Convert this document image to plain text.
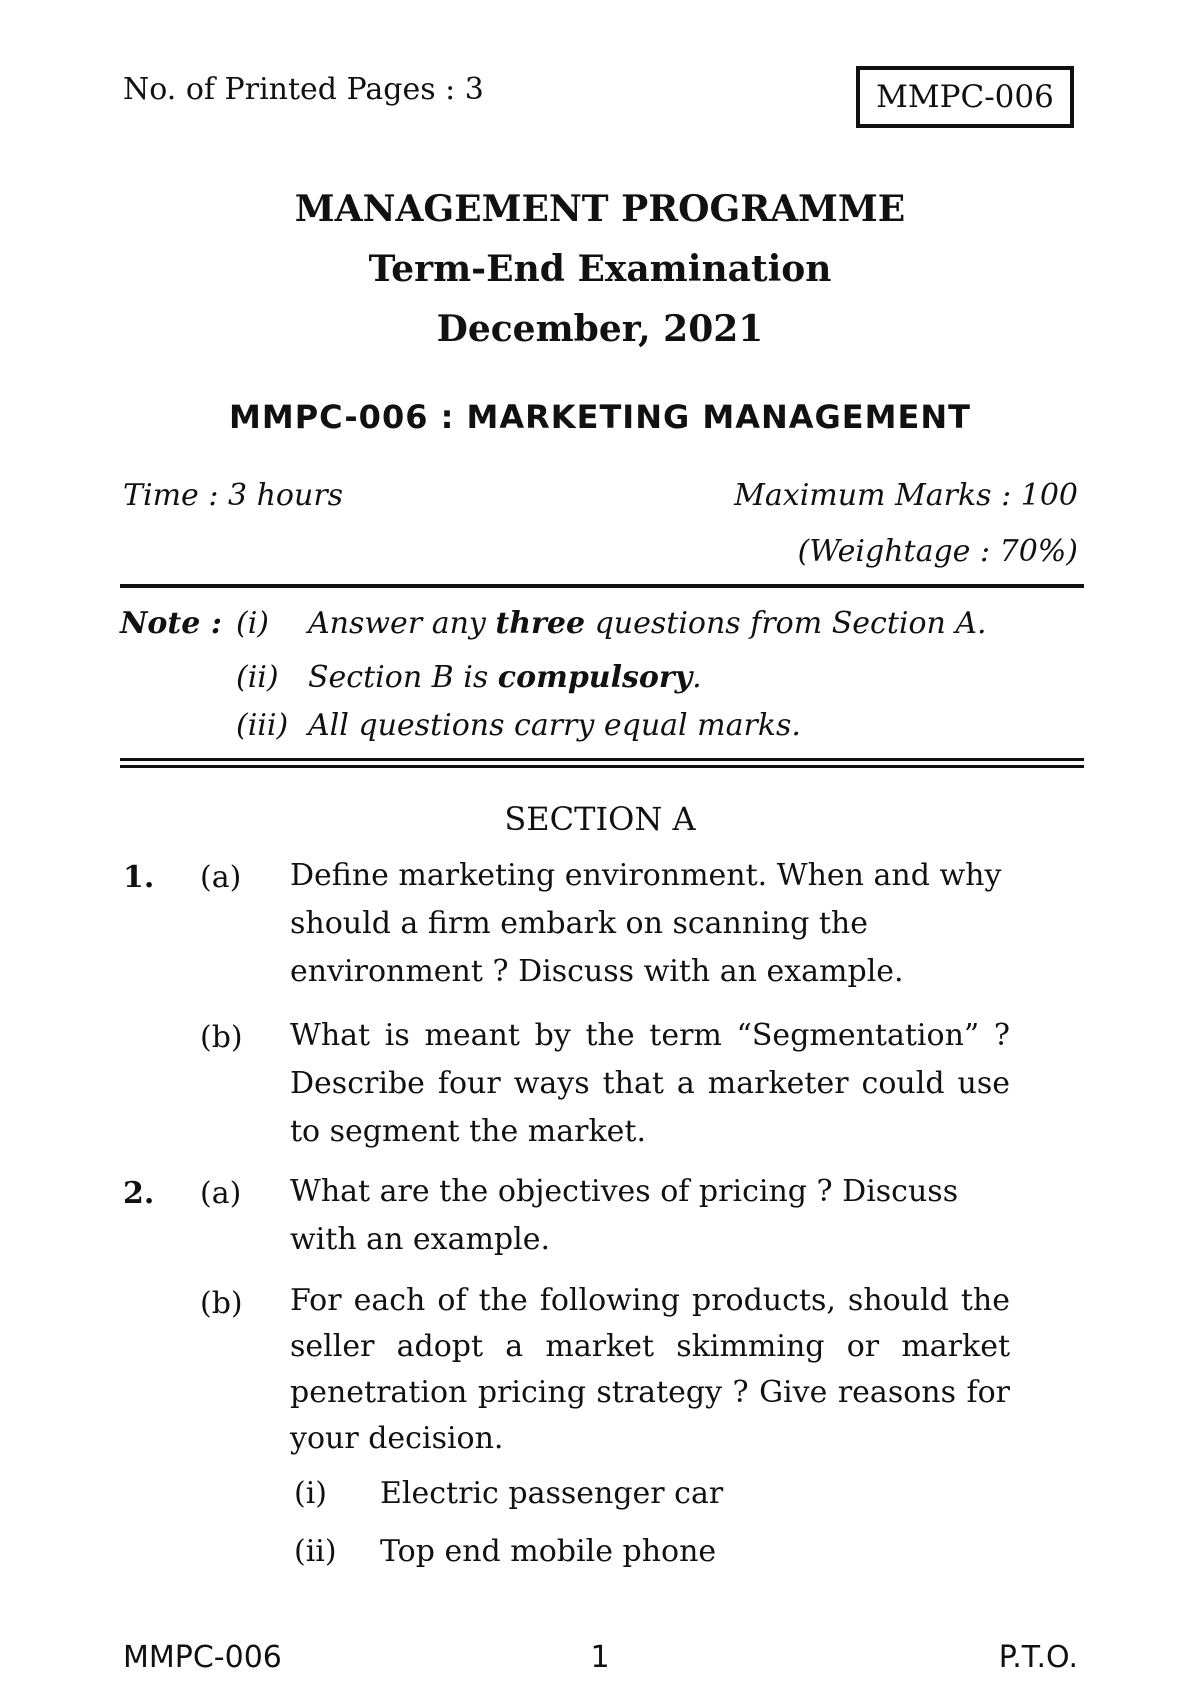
No. of Printed Pages : 3	MMPC-006
MANAGEMENT PROGRAMME
Term-End Examination
December, 2021
MMPC-006 : MARKETING MANAGEMENT
Time : 3 hours	Maximum Marks : 100
(Weightage : 70%)
Note : (i) Answer any three questions from Section A.
(ii) Section B is compulsory.
(iii) All questions carry equal marks.
SECTION A
1. (a) Define marketing environment. When and why should a firm embark on scanning the environment ? Discuss with an example.
(b) What is meant by the term “Segmentation” ? Describe four ways that a marketer could use to segment the market.
2. (a) What are the objectives of pricing ? Discuss with an example.
(b) For each of the following products, should the seller adopt a market skimming or market penetration pricing strategy ? Give reasons for your decision.
(i) Electric passenger car
(ii) Top end mobile phone
MMPC-006	1	P.T.O.
